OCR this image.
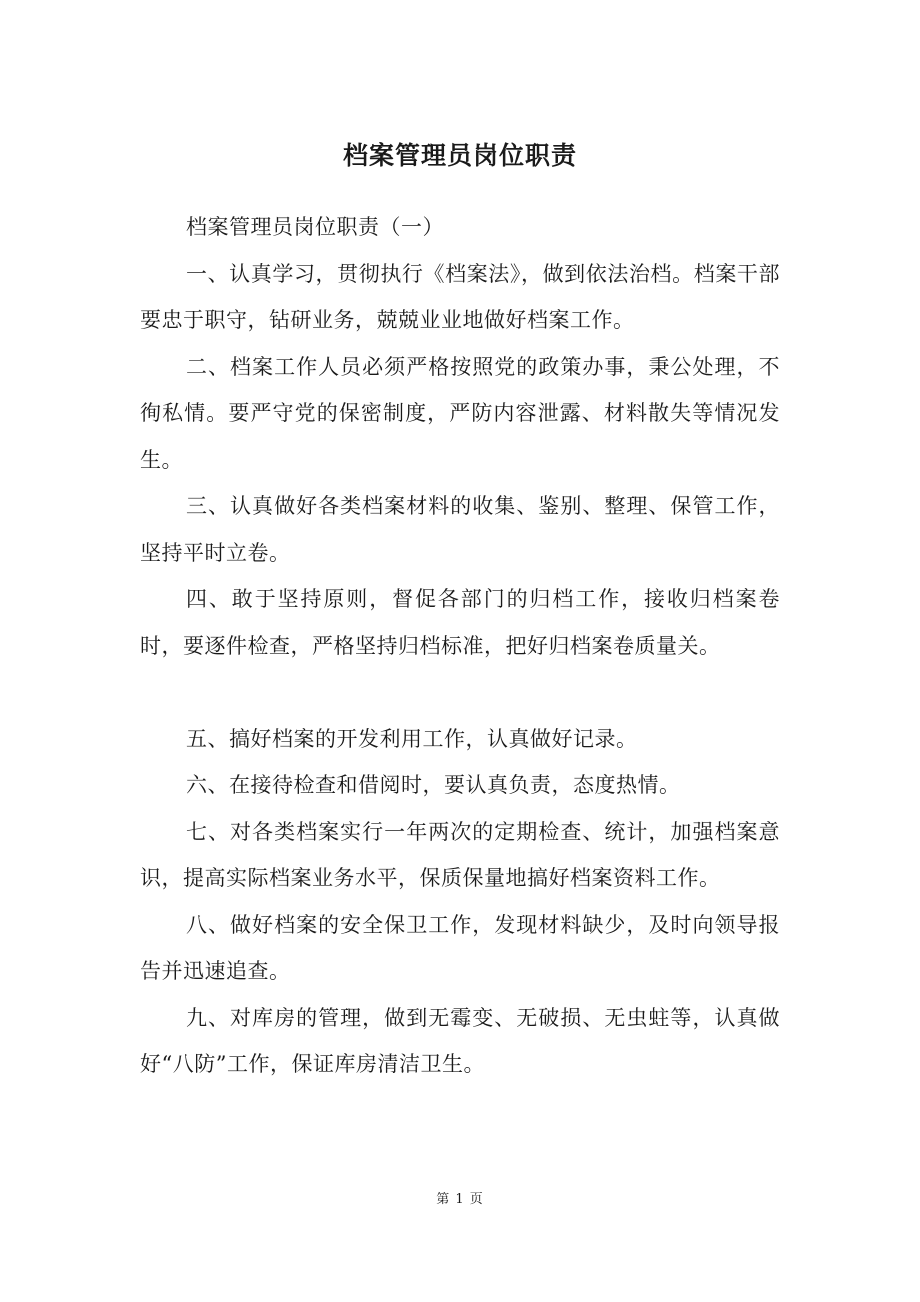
档案管理员岗位职责

档案管理员岗位职责（一）

一、认真学习，贯彻执行《档案法》，做到依法治档。档案干部要忠于职守，钻研业务，兢兢业业地做好档案工作。

二、档案工作人员必须严格按照党的政策办事，秉公处理，不徇私情。要严守党的保密制度，严防内容泄露、材料散失等情况发生。

三、认真做好各类档案材料的收集、鉴别、整理、保管工作，坚持平时立卷。

四、敢于坚持原则，督促各部门的归档工作，接收归档案卷时，要逐件检查，严格坚持归档标准，把好归档案卷质量关。

五、搞好档案的开发利用工作，认真做好记录。

六、在接待检查和借阅时，要认真负责，态度热情。

七、对各类档案实行一年两次的定期检查、统计，加强档案意识，提高实际档案业务水平，保质保量地搞好档案资料工作。

八、做好档案的安全保卫工作，发现材料缺少，及时向领导报告并迅速追查。

九、对库房的管理，做到无霉变、无破损、无虫蛀等，认真做好“八防”工作，保证库房清洁卫生。

第 1 页
